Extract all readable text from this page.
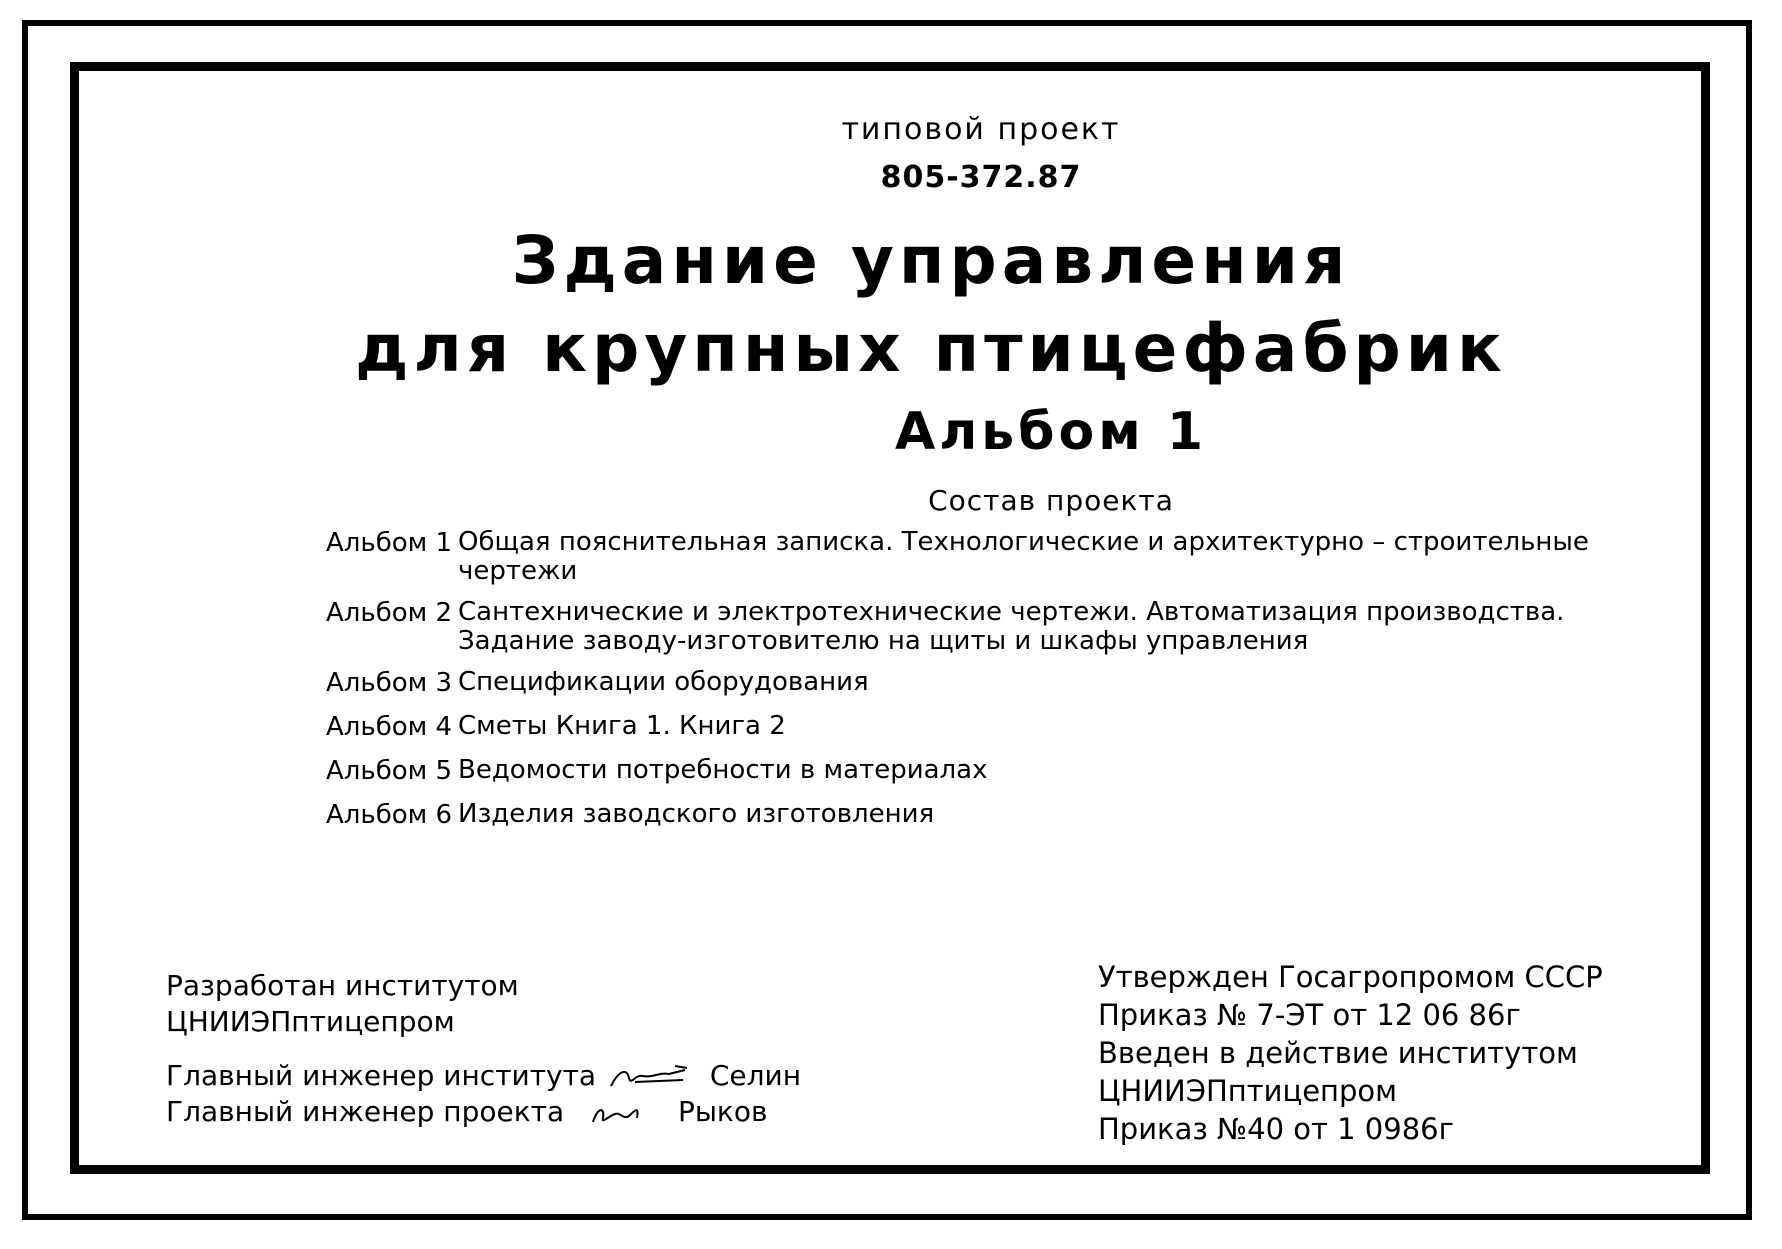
типовой проект
805-372.87
Здание управления
для крупных птицефабрик
Альбом 1
Состав проекта
Альбом 1 Общая пояснительная записка. Технологические и архитектурно – строительные чертежи
Альбом 2 Сантехнические и электротехнические чертежи. Автоматизация производства. Задание заводу-изготовителю на щиты и шкафы управления
Альбом 3 Спецификации оборудования
Альбом 4 Сметы Книга 1. Книга 2
Альбом 5 Ведомости потребности в материалах
Альбом 6 Изделия заводского изготовления
Разработан институтом
ЦНИИЭПптицепром
Главный инженер института	Селин
Главный инженер проекта	Рыков
Утвержден Госагропромом СССР
Приказ № 7-ЭТ от 12 06 86г
Введен в действие институтом
ЦНИИЭПптицепром
Приказ №40 от 1 0986г
